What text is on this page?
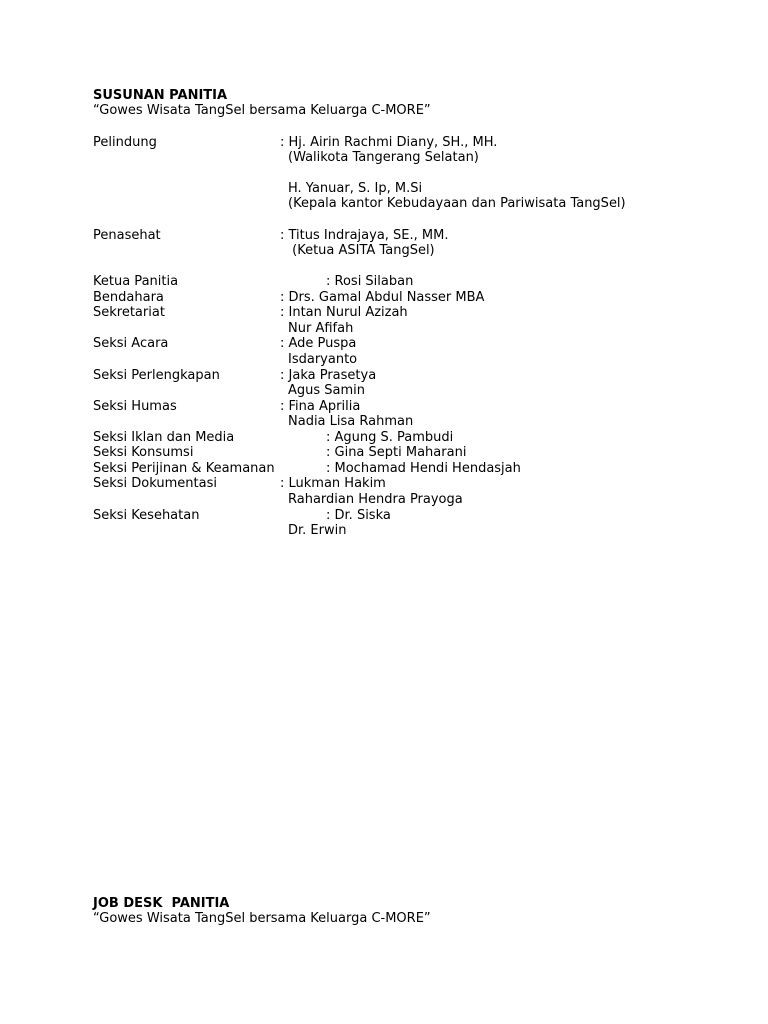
SUSUNAN PANITIA
“Gowes Wisata TangSel bersama Keluarga C-MORE”
Pelindung	: Hj. Airin Rachmi Diany, SH., MH.
(Walikota Tangerang Selatan)
H. Yanuar, S. Ip, M.Si
(Kepala kantor Kebudayaan dan Pariwisata TangSel)
Penasehat	: Titus Indrajaya, SE., MM.
(Ketua ASITA TangSel)
Ketua Panitia	: Rosi Silaban
Bendahara	: Drs. Gamal Abdul Nasser MBA
Sekretariat	: Intan Nurul Azizah
Nur Afifah
Seksi Acara	: Ade Puspa
Isdaryanto
Seksi Perlengkapan	: Jaka Prasetya
Agus Samin
Seksi Humas	: Fina Aprilia
Nadia Lisa Rahman
Seksi Iklan dan Media	: Agung S. Pambudi
Seksi Konsumsi	: Gina Septi Maharani
Seksi Perijinan & Keamanan	: Mochamad Hendi Hendasjah
Seksi Dokumentasi	: Lukman Hakim
Rahardian Hendra Prayoga
Seksi Kesehatan	: Dr. Siska
Dr. Erwin
JOB DESK  PANITIA
“Gowes Wisata TangSel bersama Keluarga C-MORE”
